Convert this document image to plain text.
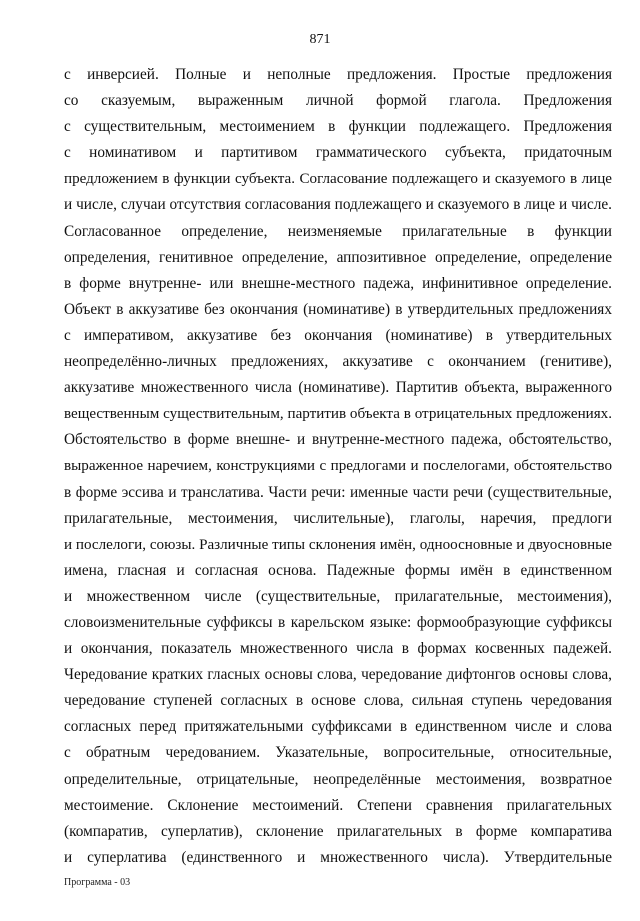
871
с инверсией. Полные и неполные предложения. Простые предложения
со сказуемым, выраженным личной формой глагола. Предложения
с существительным, местоимением в функции подлежащего. Предложения
с номинативом и партитивом грамматического субъекта, придаточным
предложением в функции субъекта. Согласование подлежащего и сказуемого в лице
и числе, случаи отсутствия согласования подлежащего и сказуемого в лице и числе.
Согласованное определение, неизменяемые прилагательные в функции
определения, генитивное определение, аппозитивное определение, определение
в форме внутренне- или внешне-местного падежа, инфинитивное определение.
Объект в аккузативе без окончания (номинативе) в утвердительных предложениях
с императивом, аккузативе без окончания (номинативе) в утвердительных
неопределённо-личных предложениях, аккузативе с окончанием (генитиве),
аккузативе множественного числа (номинативе). Партитив объекта, выраженного
вещественным существительным, партитив объекта в отрицательных предложениях.
Обстоятельство в форме внешне- и внутренне-местного падежа, обстоятельство,
выраженное наречием, конструкциями с предлогами и послелогами, обстоятельство
в форме эссива и транслатива. Части речи: именные части речи (существительные,
прилагательные, местоимения, числительные), глаголы, наречия, предлоги
и послелоги, союзы. Различные типы склонения имён, одноосновные и двуосновные
имена, гласная и согласная основа. Падежные формы имён в единственном
и множественном числе (существительные, прилагательные, местоимения),
словоизменительные суффиксы в карельском языке: формообразующие суффиксы
и окончания, показатель множественного числа в формах косвенных падежей.
Чередование кратких гласных основы слова, чередование дифтонгов основы слова,
чередование ступеней согласных в основе слова, сильная ступень чередования
согласных перед притяжательными суффиксами в единственном числе и слова
с обратным чередованием. Указательные, вопросительные, относительные,
определительные, отрицательные, неопределённые местоимения, возвратное
местоимение. Склонение местоимений. Степени сравнения прилагательных
(компаратив, суперлатив), склонение прилагательных в форме компаратива
и суперлатива (единственного и множественного числа). Утвердительные
Программа - 03
